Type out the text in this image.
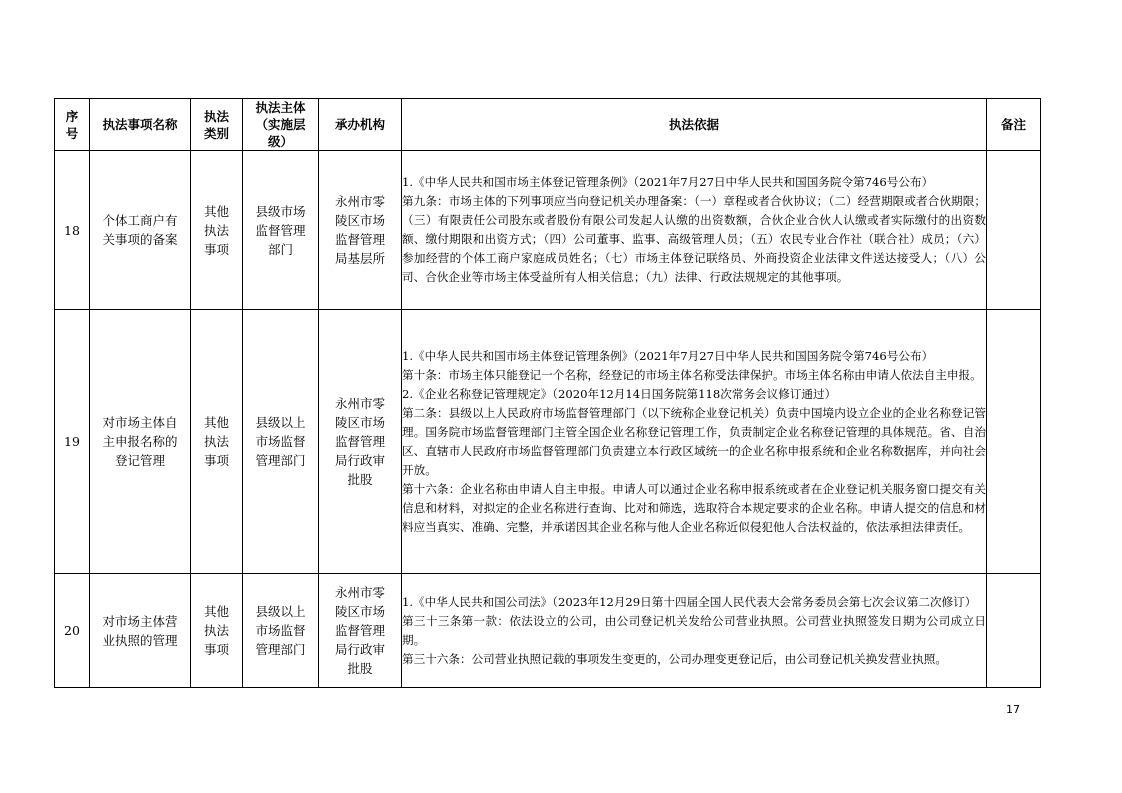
序号	执法事项名称	执法类别	执法主体（实施层级）	承办机构	执法依据	备注
18	个体工商户有关事项的备案	其他执法事项	县级市场监督管理部门	永州市零陵区市场监督管理局基层所	1.《中华人民共和国市场主体登记管理条例》（2021年7月27日中华人民共和国国务院令第746号公布）
第九条：市场主体的下列事项应当向登记机关办理备案：（一）章程或者合伙协议；（二）经营期限或者合伙期限；（三）有限责任公司股东或者股份有限公司发起人认缴的出资数额，合伙企业合伙人认缴或者实际缴付的出资数额、缴付期限和出资方式；（四）公司董事、监事、高级管理人员；（五）农民专业合作社（联合社）成员；（六）参加经营的个体工商户家庭成员姓名；（七）市场主体登记联络员、外商投资企业法律文件送达接受人；（八）公司、合伙企业等市场主体受益所有人相关信息；（九）法律、行政法规规定的其他事项。	

19	对市场主体自主申报名称的登记管理	其他执法事项	县级以上市场监督管理部门	永州市零陵区市场监督管理局行政审批股	1.《中华人民共和国市场主体登记管理条例》（2021年7月27日中华人民共和国国务院令第746号公布）
第十条：市场主体只能登记一个名称，经登记的市场主体名称受法律保护。市场主体名称由申请人依法自主申报。
2.《企业名称登记管理规定》（2020年12月14日国务院第118次常务会议修订通过）
第二条：县级以上人民政府市场监督管理部门（以下统称企业登记机关）负责中国境内设立企业的企业名称登记管理。国务院市场监督管理部门主管全国企业名称登记管理工作，负责制定企业名称登记管理的具体规范。省、自治区、直辖市人民政府市场监督管理部门负责建立本行政区域统一的企业名称申报系统和企业名称数据库，并向社会开放。
第十六条：企业名称由申请人自主申报。申请人可以通过企业名称申报系统或者在企业登记机关服务窗口提交有关信息和材料，对拟定的企业名称进行查询、比对和筛选，选取符合本规定要求的企业名称。申请人提交的信息和材料应当真实、准确、完整，并承诺因其企业名称与他人企业名称近似侵犯他人合法权益的，依法承担法律责任。	

20	对市场主体营业执照的管理	其他执法事项	县级以上市场监督管理部门	永州市零陵区市场监督管理局行政审批股	1.《中华人民共和国公司法》（2023年12月29日第十四届全国人民代表大会常务委员会第七次会议第二次修订）
第三十三条第一款：依法设立的公司，由公司登记机关发给公司营业执照。公司营业执照签发日期为公司成立日期。
第三十六条：公司营业执照记载的事项发生变更的，公司办理变更登记后，由公司登记机关换发营业执照。	

17
